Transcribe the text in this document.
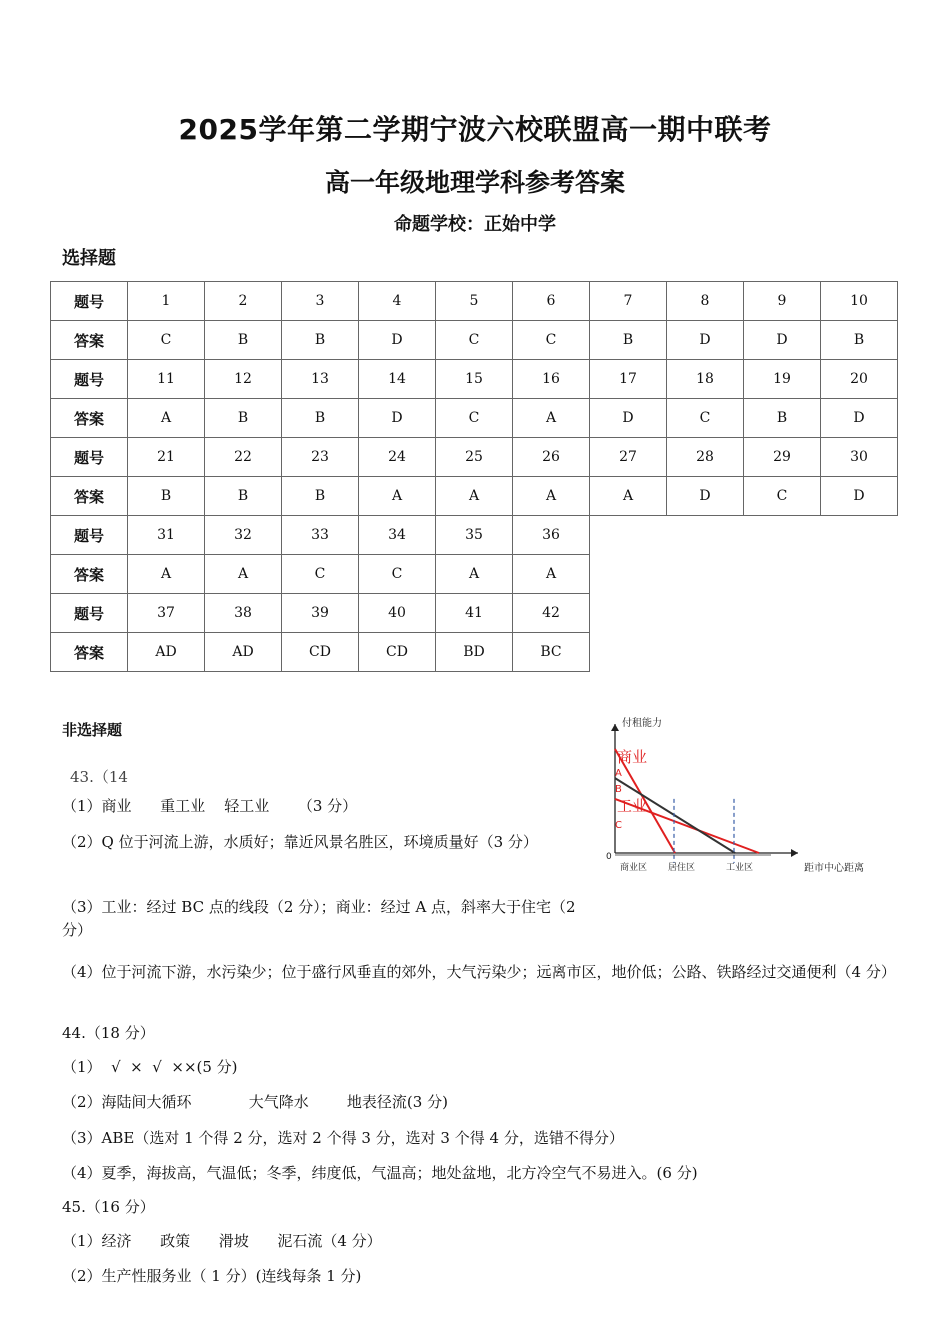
2025学年第二学期宁波六校联盟高一期中联考
高一年级地理学科参考答案
命题学校：正始中学
选择题
题号	1	2	3	4	5	6	7	8	9	10
答案	C	B	B	D	C	C	B	D	D	B
题号	11	12	13	14	15	16	17	18	19	20
答案	A	B	B	D	C	A	D	C	B	D
题号	21	22	23	24	25	26	27	28	29	30
答案	B	B	B	A	A	A	A	D	C	D
题号	31	32	33	34	35	36				
答案	A	A	C	C	A	A				
题号	37	38	39	40	41	42				
答案	AD	AD	CD	CD	BD	BC				
非选择题
43.（14
（1）商业      重工业    轻工业      （3 分）
（2）Q 位于河流上游，水质好；靠近风景名胜区，环境质量好（3 分）
（3）工业：经过 BC 点的线段（2 分）；商业：经过 A 点，斜率大于住宅（2 分）
（4）位于河流下游，水污染少；位于盛行风垂直的郊外，大气污染少；远离市区，地价低；公路、铁路经过交通便利（4 分）
44.（18 分）
（1）  √  ×  √  ××(5 分)
（2）海陆间大循环            大气降水        地表径流(3 分)
（3）ABE（选对 1 个得 2 分，选对 2 个得 3 分，选对 3 个得 4 分，选错不得分）
（4）夏季，海拔高，气温低；冬季，纬度低，气温高；地处盆地，北方冷空气不易进入。(6 分)
45.（16 分）
（1）经济      政策      滑坡      泥石流（4 分）
（2）生产性服务业（ 1 分）(连线每条 1 分)
付租能力
0
距市中心距离
商业区 居住区	工业区
商业
A
B
工业
C
